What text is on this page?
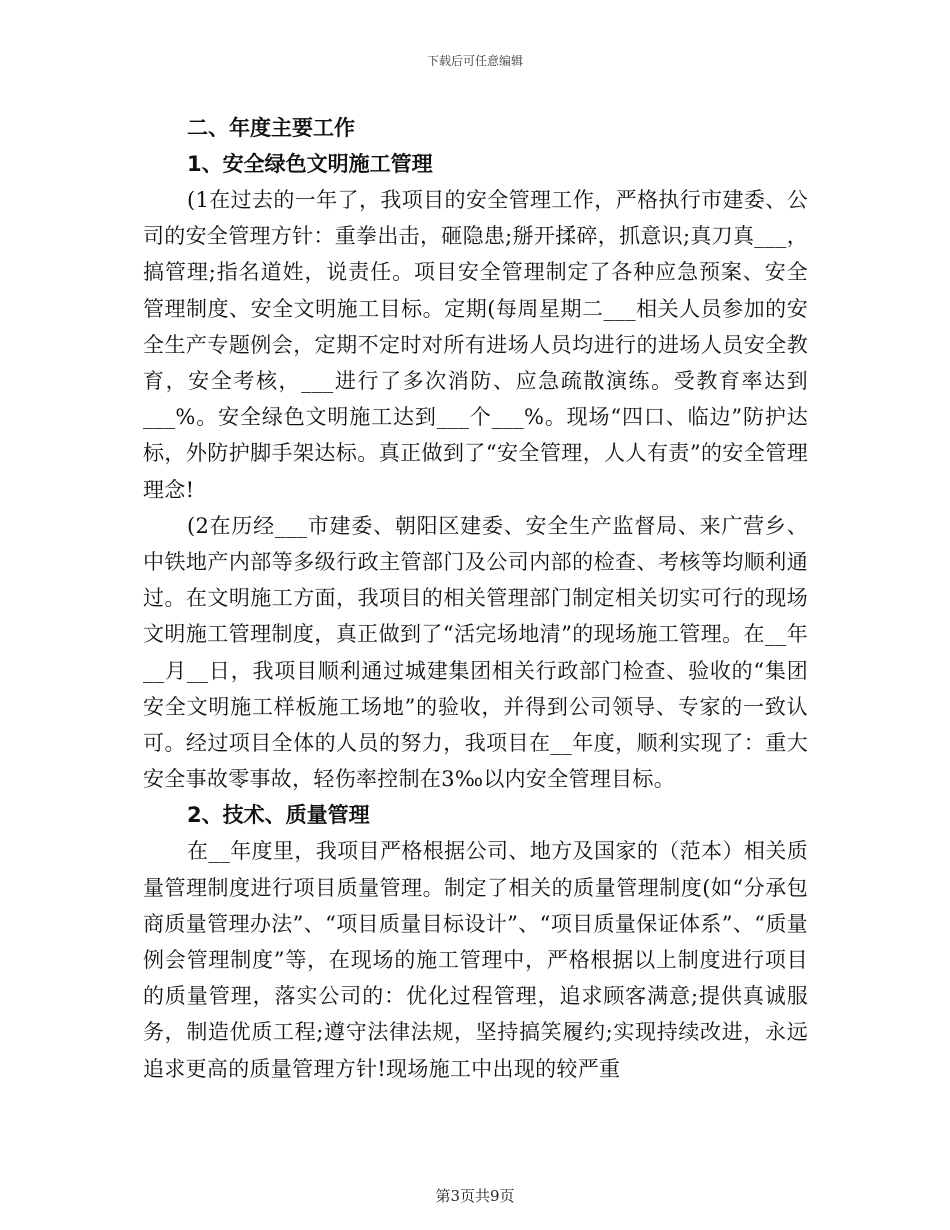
下载后可任意编辑
二、年度主要工作
1、安全绿色文明施工管理

(1在过去的一年了，我项目的安全管理工作，严格执行市建委、公司的安全管理方针：重拳出击，砸隐患;掰开揉碎，抓意识;真刀真___，搞管理;指名道姓，说责任。项目安全管理制定了各种应急预案、安全管理制度、安全文明施工目标。定期(每周星期二___相关人员参加的安全生产专题例会，定期不定时对所有进场人员均进行的进场人员安全教育，安全考核，___进行了多次消防、应急疏散演练。受教育率达到___%。安全绿色文明施工达到___个___%。现场“四口、临边”防护达标，外防护脚手架达标。真正做到了“安全管理，人人有责”的安全管理理念!

(2在历经___市建委、朝阳区建委、安全生产监督局、来广营乡、中铁地产内部等多级行政主管部门及公司内部的检查、考核等均顺利通过。在文明施工方面，我项目的相关管理部门制定相关切实可行的现场文明施工管理制度，真正做到了“活完场地清”的现场施工管理。在__年__月__日，我项目顺利通过城建集团相关行政部门检查、验收的“集团安全文明施工样板施工场地”的验收，并得到公司领导、专家的一致认可。经过项目全体的人员的努力，我项目在__年度，顺利实现了：重大安全事故零事故，轻伤率控制在3‰以内安全管理目标。

2、技术、质量管理

在__年度里，我项目严格根据公司、地方及国家的（范本）相关质量管理制度进行项目质量管理。制定了相关的质量管理制度(如“分承包商质量管理办法”、“项目质量目标设计”、“项目质量保证体系”、“质量例会管理制度”等，在现场的施工管理中，严格根据以上制度进行项目的质量管理，落实公司的：优化过程管理，追求顾客满意;提供真诚服务，制造优质工程;遵守法律法规，坚持搞笑履约;实现持续改进，永远追求更高的质量管理方针!现场施工中出现的较严重

第3页共9页
